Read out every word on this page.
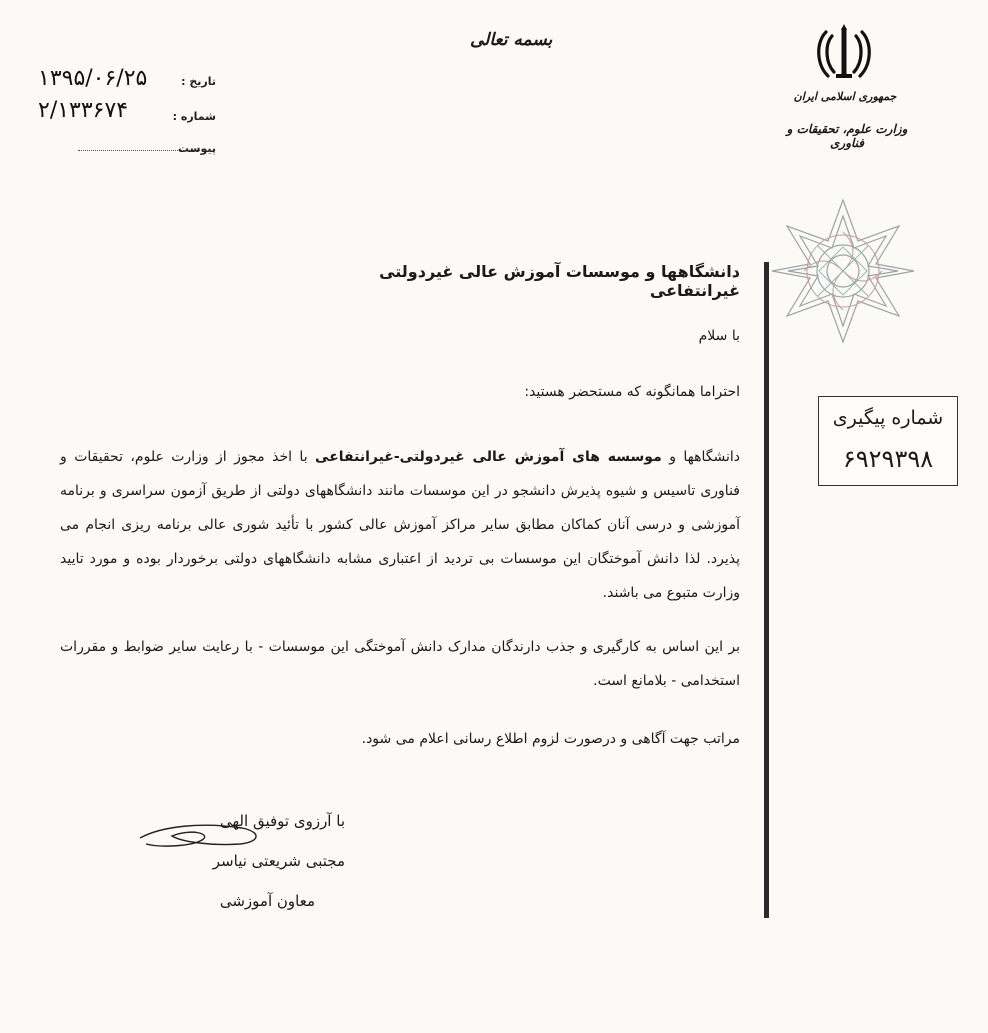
۱۳۹۵/۰۶/۲۵	تاریخ :
۲/۱۳۳۶۷۴	شماره :
پیوست
بسمه تعالی
جمهوری اسلامی ایران
وزارت علوم، تحقیقات و فناوری
شماره پیگیری
۶۹۲۹۳۹۸
دانشگاهها و موسسات آموزش عالی غیردولتی غیرانتفاعی
با سلام
احتراما همانگونه که مستحضر هستید:
دانشگاهها و موسسه های آموزش عالی غیردولتی-غیرانتفاعی با اخذ مجوز از وزارت علوم، تحقیقات و فناوری تاسیس و شیوه پذیرش دانشجو در این موسسات مانند دانشگاههای دولتی از طریق آزمون سراسری و برنامه آموزشی و درسی آنان کماکان مطابق سایر مراکز آموزش عالی کشور با تأئید شوری عالی برنامه ریزی انجام می پذیرد. لذا دانش آموختگان این موسسات بی تردید از اعتباری مشابه دانشگاههای دولتی برخوردار بوده و مورد تایید وزارت متبوع می باشند.
بر این اساس به کارگیری و جذب دارندگان مدارک دانش آموختگی این موسسات - با رعایت سایر ضوابط و مقررات استخدامی - بلامانع است.
مراتب جهت آگاهی و درصورت لزوم اطلاع رسانی اعلام می شود.
با آرزوی توفیق الهی
مجتبی شریعتی نیاسر
معاون آموزشی
